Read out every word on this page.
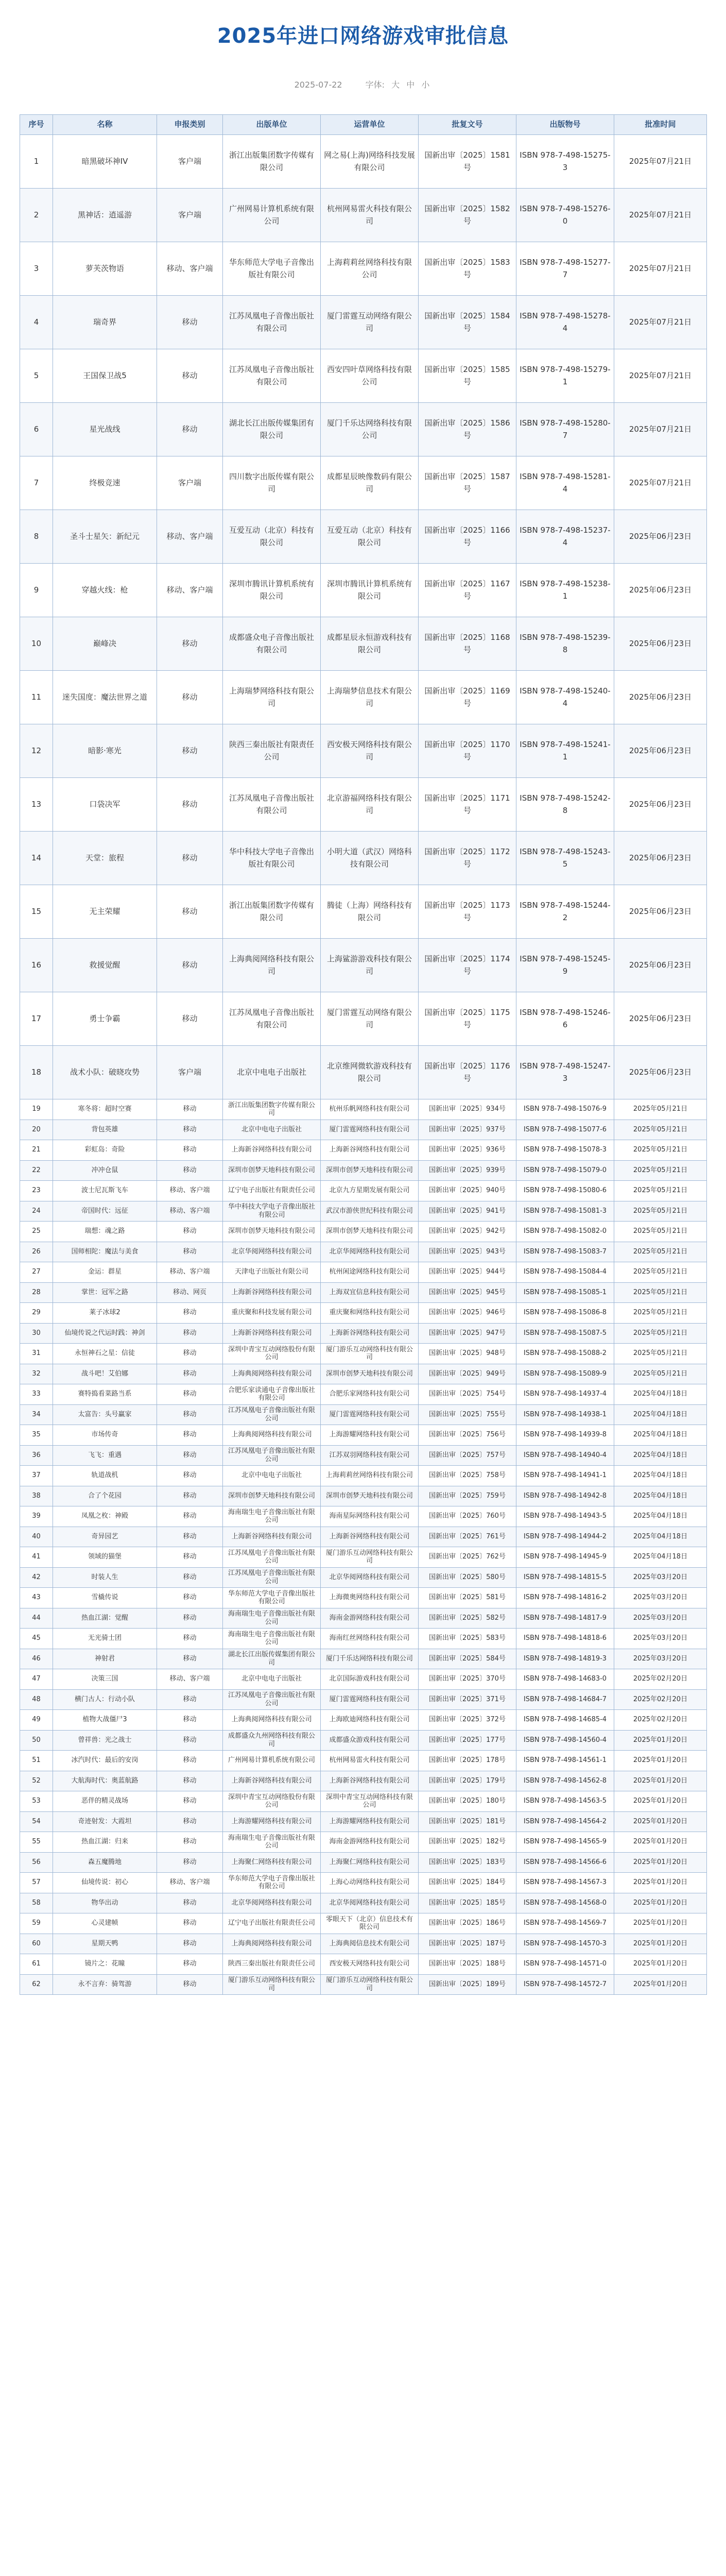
2025年进口网络游戏审批信息
2025-07-22	字体: 大 中 小
序号	名称	申报类别	出版单位	运营单位	批复文号	出版物号	批准时间
1	暗黑破坏神IV	客户端	浙江出版集团数字传媒有限公司	网之易(上海)网络科技发展有限公司	国新出审〔2025〕1581号	ISBN 978-7-498-15275-3	2025年07月21日
2	黑神话：逍遥游	客户端	广州网易计算机系统有限公司	杭州网易雷火科技有限公司	国新出审〔2025〕1582号	ISBN 978-7-498-15276-0	2025年07月21日
3	萝芙茨物语	移动、客户端	华东师范大学电子音像出版社有限公司	上海莉莉丝网络科技有限公司	国新出审〔2025〕1583号	ISBN 978-7-498-15277-7	2025年07月21日
4	瑞奇界	移动	江苏凤凰电子音像出版社有限公司	厦门雷霆互动网络有限公司	国新出审〔2025〕1584号	ISBN 978-7-498-15278-4	2025年07月21日
5	王国保卫战5	移动	江苏凤凰电子音像出版社有限公司	西安四叶草网络科技有限公司	国新出审〔2025〕1585号	ISBN 978-7-498-15279-1	2025年07月21日
6	星光战线	移动	湖北长江出版传媒集团有限公司	厦门千乐达网络科技有限公司	国新出审〔2025〕1586号	ISBN 978-7-498-15280-7	2025年07月21日
7	终极竞速	客户端	四川数字出版传媒有限公司	成都星辰映像数码有限公司	国新出审〔2025〕1587号	ISBN 978-7-498-15281-4	2025年07月21日
8	圣斗士星矢：新纪元	移动、客户端	互爱互动（北京）科技有限公司	互爱互动（北京）科技有限公司	国新出审〔2025〕1166号	ISBN 978-7-498-15237-4	2025年06月23日
9	穿越火线：枪	移动、客户端	深圳市腾讯计算机系统有限公司	深圳市腾讯计算机系统有限公司	国新出审〔2025〕1167号	ISBN 978-7-498-15238-1	2025年06月23日
10	巅峰决	移动	成都盛众电子音像出版社有限公司	成都星辰永恒游戏科技有限公司	国新出审〔2025〕1168号	ISBN 978-7-498-15239-8	2025年06月23日
11	迷失国度：魔法世界之道	移动	上海瑞梦网络科技有限公司	上海瑞梦信息技术有限公司	国新出审〔2025〕1169号	ISBN 978-7-498-15240-4	2025年06月23日
12	暗影·寒光	移动	陕西三秦出版社有限责任公司	西安极天网络科技有限公司	国新出审〔2025〕1170号	ISBN 978-7-498-15241-1	2025年06月23日
13	口袋决军	移动	江苏凤凰电子音像出版社有限公司	北京游福网络科技有限公司	国新出审〔2025〕1171号	ISBN 978-7-498-15242-8	2025年06月23日
14	天堂：旅程	移动	华中科技大学电子音像出版社有限公司	小明大道（武汉）网络科技有限公司	国新出审〔2025〕1172号	ISBN 978-7-498-15243-5	2025年06月23日
15	无主荣耀	移动	浙江出版集团数字传媒有限公司	腾徒（上海）网络科技有限公司	国新出审〔2025〕1173号	ISBN 978-7-498-15244-2	2025年06月23日
16	救援觉醒	移动	上海典阅网络科技有限公司	上海鲨游游戏科技有限公司	国新出审〔2025〕1174号	ISBN 978-7-498-15245-9	2025年06月23日
17	勇士争霸	移动	江苏凤凰电子音像出版社有限公司	厦门雷霆互动网络有限公司	国新出审〔2025〕1175号	ISBN 978-7-498-15246-6	2025年06月23日
18	战术小队：破晓攻势	客户端	北京中电电子出版社	北京维网微软游戏科技有限公司	国新出审〔2025〕1176号	ISBN 978-7-498-15247-3	2025年06月23日
19	寒冬将：超时空赛	移动	浙江出版集团数字传媒有限公司	杭州乐帆网络科技有限公司	国新出审〔2025〕934号	ISBN 978-7-498-15076-9	2025年05月21日
20	背包英雄	移动	北京中电电子出版社	厦门雷霆网络科技有限公司	国新出审〔2025〕937号	ISBN 978-7-498-15077-6	2025年05月21日
21	彩虹岛：奇险	移动	上海新谷网络科技有限公司	上海新谷网络科技有限公司	国新出审〔2025〕936号	ISBN 978-7-498-15078-3	2025年05月21日
22	冲冲仓鼠	移动	深圳市创梦天地科技有限公司	深圳市创梦天地科技有限公司	国新出审〔2025〕939号	ISBN 978-7-498-15079-0	2025年05月21日
23	波士尼瓦斯飞车	移动、客户端	辽宁电子出版社有限责任公司	北京九方星期发展有限公司	国新出审〔2025〕940号	ISBN 978-7-498-15080-6	2025年05月21日
24	帝国时代：远征	移动、客户端	华中科技大学电子音像出版社有限公司	武汉市游侠世纪科技有限公司	国新出审〔2025〕941号	ISBN 978-7-498-15081-3	2025年05月21日
25	瑞想：魂之路	移动	深圳市创梦天地科技有限公司	深圳市创梦天地科技有限公司	国新出审〔2025〕942号	ISBN 978-7-498-15082-0	2025年05月21日
26	国师相陀：魔法与美食	移动	北京华阅网络科技有限公司	北京华阅网络科技有限公司	国新出审〔2025〕943号	ISBN 978-7-498-15083-7	2025年05月21日
27	金运：群星	移动、客户端	天津电子出版社有限公司	杭州闲途网络科技有限公司	国新出审〔2025〕944号	ISBN 978-7-498-15084-4	2025年05月21日
28	掌世：冠军之路	移动、网页	上海新谷网络科技有限公司	上海双宜信息科技有限公司	国新出审〔2025〕945号	ISBN 978-7-498-15085-1	2025年05月21日
29	莱子冰球2	移动	重庆聚和科技发展有限公司	重庆聚和网络科技有限公司	国新出审〔2025〕946号	ISBN 978-7-498-15086-8	2025年05月21日
30	仙境传说之代运时践：神剑	移动	上海新谷网络科技有限公司	上海新谷网络科技有限公司	国新出审〔2025〕947号	ISBN 978-7-498-15087-5	2025年05月21日
31	永恒神石之星：信徒	移动	深圳中青宝互动网络股份有限公司	厦门游乐互动网络科技有限公司	国新出审〔2025〕948号	ISBN 978-7-498-15088-2	2025年05月21日
32	战斗吧！艾伯娜	移动	上海典阅网络科技有限公司	深圳市创梦天地科技有限公司	国新出审〔2025〕949号	ISBN 978-7-498-15089-9	2025年05月21日
33	赛特捣看菜路当系	移动	合肥乐家读通电子音像出版社有限公司	合肥乐家网络科技有限公司	国新出审〔2025〕754号	ISBN 978-7-498-14937-4	2025年04月18日
34	太富告：头号赢家	移动	江苏凤凰电子音像出版社有限公司	厦门雷霆网络科技有限公司	国新出审〔2025〕755号	ISBN 978-7-498-14938-1	2025年04月18日
35	市场传奇	移动	上海典阅网络科技有限公司	上海游耀网络科技有限公司	国新出审〔2025〕756号	ISBN 978-7-498-14939-8	2025年04月18日
36	飞飞：重遇	移动	江苏凤凰电子音像出版社有限公司	江苏双羽网络科技有限公司	国新出审〔2025〕757号	ISBN 978-7-498-14940-4	2025年04月18日
37	轨道战机	移动	北京中电电子出版社	上海莉莉丝网络科技有限公司	国新出审〔2025〕758号	ISBN 978-7-498-14941-1	2025年04月18日
38	合了个花园	移动	深圳市创梦天地科技有限公司	深圳市创梦天地科技有限公司	国新出审〔2025〕759号	ISBN 978-7-498-14942-8	2025年04月18日
39	凤凰之枚：神殿	移动	海南瑞生电子音像出版社有限公司	海南星际网络科技有限公司	国新出审〔2025〕760号	ISBN 978-7-498-14943-5	2025年04月18日
40	奇异园艺	移动	上海新谷网络科技有限公司	上海新谷网络科技有限公司	国新出审〔2025〕761号	ISBN 978-7-498-14944-2	2025年04月18日
41	领域的猫堡	移动	江苏凤凰电子音像出版社有限公司	厦门游乐互动网络科技有限公司	国新出审〔2025〕762号	ISBN 978-7-498-14945-9	2025年04月18日
42	时装人生	移动	江苏凤凰电子音像出版社有限公司	北京华阅网络科技有限公司	国新出审〔2025〕580号	ISBN 978-7-498-14815-5	2025年03月20日
43	雪橇传说	移动	华东师范大学电子音像出版社有限公司	上海微奥网络科技有限公司	国新出审〔2025〕581号	ISBN 978-7-498-14816-2	2025年03月20日
44	热血江湖：觉醒	移动	海南瑞生电子音像出版社有限公司	海南金游网络科技有限公司	国新出审〔2025〕582号	ISBN 978-7-498-14817-9	2025年03月20日
45	无光骑士团	移动	海南瑞生电子音像出版社有限公司	海南红丝网络科技有限公司	国新出审〔2025〕583号	ISBN 978-7-498-14818-6	2025年03月20日
46	神射君	移动	湖北长江出版传媒集团有限公司	厦门千乐达网络科技有限公司	国新出审〔2025〕584号	ISBN 978-7-498-14819-3	2025年03月20日
47	决策三国	移动、客户端	北京中电电子出版社	北京国际游戏科技有限公司	国新出审〔2025〕370号	ISBN 978-7-498-14683-0	2025年02月20日
48	横门古人：行动小队	移动	江苏凤凰电子音像出版社有限公司	厦门雷霆网络科技有限公司	国新出审〔2025〕371号	ISBN 978-7-498-14684-7	2025年02月20日
49	植物大战僵尸3	移动	上海典阅网络科技有限公司	上海欧迪网络科技有限公司	国新出审〔2025〕372号	ISBN 978-7-498-14685-4	2025年02月20日
50	曾祥兽：光之战士	移动	成都盛众九州网络科技有限公司	成都盛众游戏科技有限公司	国新出审〔2025〕177号	ISBN 978-7-498-14560-4	2025年01月20日
51	冰汽时代：最后的安岗	移动	广州网易计算机系统有限公司	杭州网易雷火科技有限公司	国新出审〔2025〕178号	ISBN 978-7-498-14561-1	2025年01月20日
52	大航海时代：奥蓝航路	移动	上海新谷网络科技有限公司	上海新谷网络科技有限公司	国新出审〔2025〕179号	ISBN 978-7-498-14562-8	2025年01月20日
53	恶伴的精灵战场	移动	深圳中青宝互动网络股份有限公司	深圳中青宝互动网络科技有限公司	国新出审〔2025〕180号	ISBN 978-7-498-14563-5	2025年01月20日
54	奇迹射发：大霞坦	移动	上海游耀网络科技有限公司	上海游耀网络科技有限公司	国新出审〔2025〕181号	ISBN 978-7-498-14564-2	2025年01月20日
55	热血江湖：归来	移动	海南瑞生电子音像出版社有限公司	海南金游网络科技有限公司	国新出审〔2025〕182号	ISBN 978-7-498-14565-9	2025年01月20日
56	森五魔腾地	移动	上海聚仁网络科技有限公司	上海聚仁网络科技有限公司	国新出审〔2025〕183号	ISBN 978-7-498-14566-6	2025年01月20日
57	仙境传说：初心	移动、客户端	华东师范大学电子音像出版社有限公司	上海心动网络科技有限公司	国新出审〔2025〕184号	ISBN 978-7-498-14567-3	2025年01月20日
58	物华出动	移动	北京华阅网络科技有限公司	北京华阅网络科技有限公司	国新出审〔2025〕185号	ISBN 978-7-498-14568-0	2025年01月20日
59	心灵建帧	移动	辽宁电子出版社有限责任公司	零眼天下（北京）信息技术有限公司	国新出审〔2025〕186号	ISBN 978-7-498-14569-7	2025年01月20日
60	星期天鸭	移动	上海典阅网络科技有限公司	上海典阅信息技术有限公司	国新出审〔2025〕187号	ISBN 978-7-498-14570-3	2025年01月20日
61	镜片之：花瞳	移动	陕西三秦出版社有限责任公司	西安极天网络科技有限公司	国新出审〔2025〕188号	ISBN 978-7-498-14571-0	2025年01月20日
62	永不言弃：骑驾游	移动	厦门游乐互动网络科技有限公司	厦门游乐互动网络科技有限公司	国新出审〔2025〕189号	ISBN 978-7-498-14572-7	2025年01月20日
